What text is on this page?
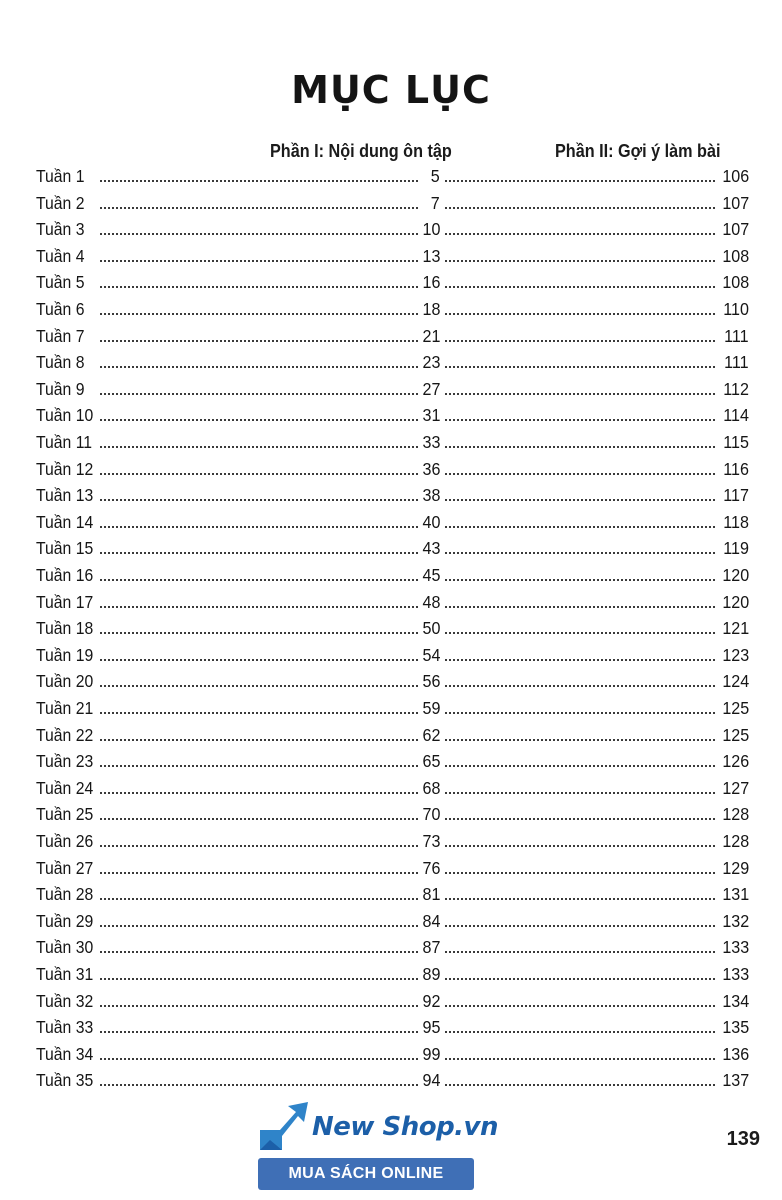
MỤC LỤC
Phần I: Nội dung ôn tập	Phần II: Gợi ý làm bài
Tuần 1	5	106
Tuần 2	7	107
Tuần 3	10	107
Tuần 4	13	108
Tuần 5	16	108
Tuần 6	18	110
Tuần 7	21	111
Tuần 8	23	111
Tuần 9	27	112
Tuần 10	31	114
Tuần 11	33	115
Tuần 12	36	116
Tuần 13	38	117
Tuần 14	40	118
Tuần 15	43	119
Tuần 16	45	120
Tuần 17	48	120
Tuần 18	50	121
Tuần 19	54	123
Tuần 20	56	124
Tuần 21	59	125
Tuần 22	62	125
Tuần 23	65	126
Tuần 24	68	127
Tuần 25	70	128
Tuần 26	73	128
Tuần 27	76	129
Tuần 28	81	131
Tuần 29	84	132
Tuần 30	87	133
Tuần 31	89	133
Tuần 32	92	134
Tuần 33	95	135
Tuần 34	99	136
Tuần 35	94	137
139
New Shop.vn
MUA SÁCH ONLINE
